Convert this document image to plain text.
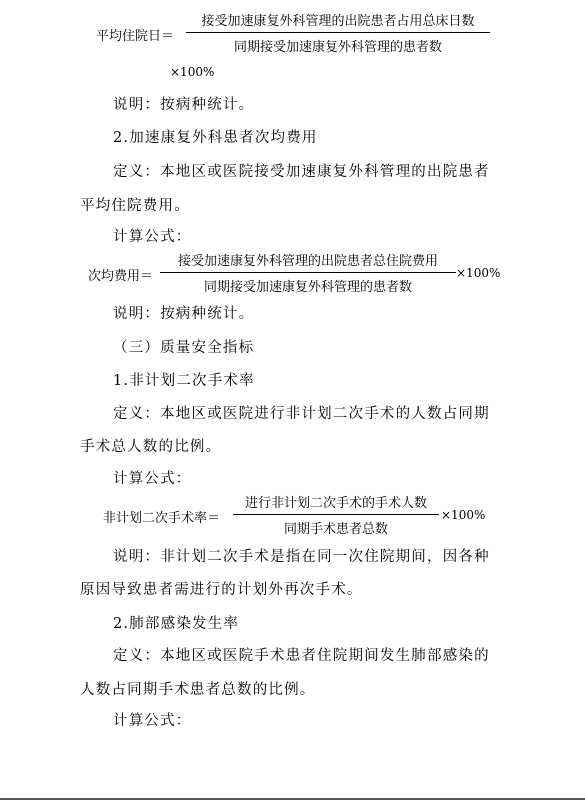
平均住院日＝
接受加速康复外科管理的出院患者占用总床日数
同期接受加速康复外科管理的患者数
×100%
说明：按病种统计。
2.加速康复外科患者次均费用
定义：本地区或医院接受加速康复外科管理的出院患者
平均住院费用。
计算公式：
次均费用＝
接受加速康复外科管理的出院患者总住院费用
同期接受加速康复外科管理的患者数
×100%
说明：按病种统计。
（三）质量安全指标
1.非计划二次手术率
定义：本地区或医院进行非计划二次手术的人数占同期
手术总人数的比例。
计算公式：
非计划二次手术率＝
进行非计划二次手术的手术人数
同期手术患者总数
×100%
说明：非计划二次手术是指在同一次住院期间，因各种
原因导致患者需进行的计划外再次手术。
2.肺部感染发生率
定义：本地区或医院手术患者住院期间发生肺部感染的
人数占同期手术患者总数的比例。
计算公式：
